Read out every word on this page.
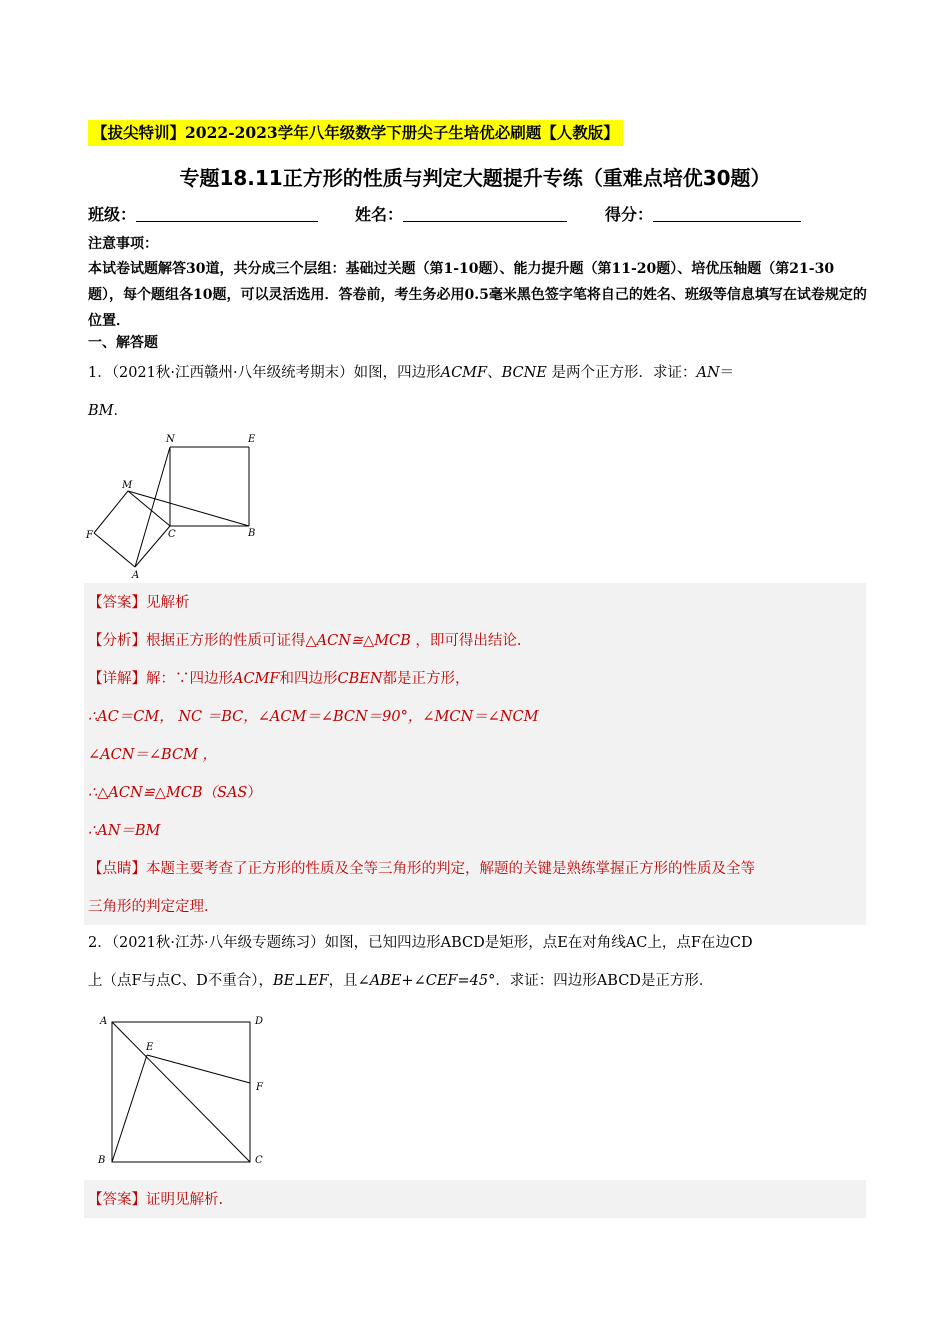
【拔尖特训】2022-2023学年八年级数学下册尖子生培优必刷题【人教版】
专题18.11正方形的性质与判定大题提升专练（重难点培优30题）
班级：	姓名：	得分：
注意事项：
本试卷试题解答30道，共分成三个层组：基础过关题（第1-10题）、能力提升题（第11-20题）、培优压轴题（第21-30题），每个题组各10题，可以灵活选用．答卷前，考生务必用0.5毫米黑色签字笔将自己的姓名、班级等信息填写在试卷规定的位置．
一、解答题
1．（2021秋·江西赣州·八年级统考期末）如图，四边形ACMF、BCNE 是两个正方形．求证：AN＝
BM．
N	E
M
F	C	B
A
【答案】见解析
【分析】根据正方形的性质可证得△ACN≅△MCB ，即可得出结论.
【详解】解：∵四边形ACMF和四边形CBEN都是正方形，
∴AC＝CM， NC ＝BC，∠ACM＝∠BCN＝90°，∠MCN＝∠NCM
∠ACN＝∠BCM ，
∴△ACN≌△MCB（SAS）
∴AN＝BM
【点睛】本题主要考查了正方形的性质及全等三角形的判定，解题的关键是熟练掌握正方形的性质及全等
三角形的判定定理.
2．（2021秋·江苏·八年级专题练习）如图，已知四边形ABCD是矩形，点E在对角线AC上，点F在边CD
上（点F与点C、D不重合），BE⊥EF，且∠ABE+∠CEF=45°．求证：四边形ABCD是正方形．
A	D
E
F
B	C
【答案】证明见解析.
